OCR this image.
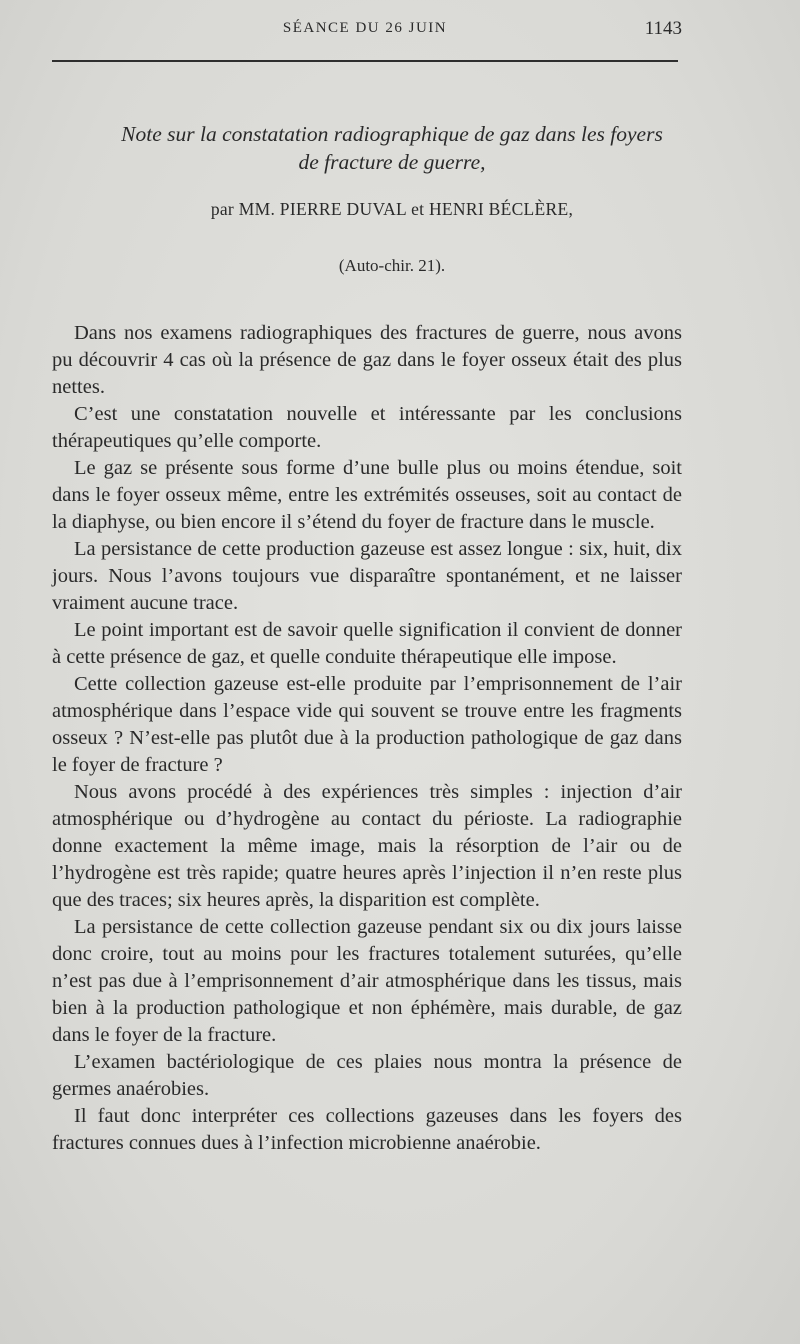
SÉANCE DU 26 JUIN	1143
Note sur la constatation radiographique de gaz dans les foyers
de fracture de guerre,
par MM. PIERRE DUVAL et HENRI BÉCLÈRE,
(Auto-chir. 21).

Dans nos examens radiographiques des fractures de guerre, nous avons pu découvrir 4 cas où la présence de gaz dans le foyer osseux était des plus nettes.

C’est une constatation nouvelle et intéressante par les conclusions thérapeutiques qu’elle comporte.

Le gaz se présente sous forme d’une bulle plus ou moins étendue, soit dans le foyer osseux même, entre les extrémités osseuses, soit au contact de la diaphyse, ou bien encore il s’étend du foyer de fracture dans le muscle.

La persistance de cette production gazeuse est assez longue : six, huit, dix jours. Nous l’avons toujours vue disparaître spontanément, et ne laisser vraiment aucune trace.

Le point important est de savoir quelle signification il convient de donner à cette présence de gaz, et quelle conduite thérapeutique elle impose.

Cette collection gazeuse est-elle produite par l’emprisonnement de l’air atmosphérique dans l’espace vide qui souvent se trouve entre les fragments osseux ? N’est-elle pas plutôt due à la production pathologique de gaz dans le foyer de fracture ?

Nous avons procédé à des expériences très simples : injection d’air atmosphérique ou d’hydrogène au contact du périoste. La radiographie donne exactement la même image, mais la résorption de l’air ou de l’hydrogène est très rapide; quatre heures après l’injection il n’en reste plus que des traces; six heures après, la disparition est complète.

La persistance de cette collection gazeuse pendant six ou dix jours laisse donc croire, tout au moins pour les fractures totalement suturées, qu’elle n’est pas due à l’emprisonnement d’air atmosphérique dans les tissus, mais bien à la production pathologique et non éphémère, mais durable, de gaz dans le foyer de la fracture.

L’examen bactériologique de ces plaies nous montra la présence de germes anaérobies.

Il faut donc interpréter ces collections gazeuses dans les foyers des fractures connues dues à l’infection microbienne anaérobie.
